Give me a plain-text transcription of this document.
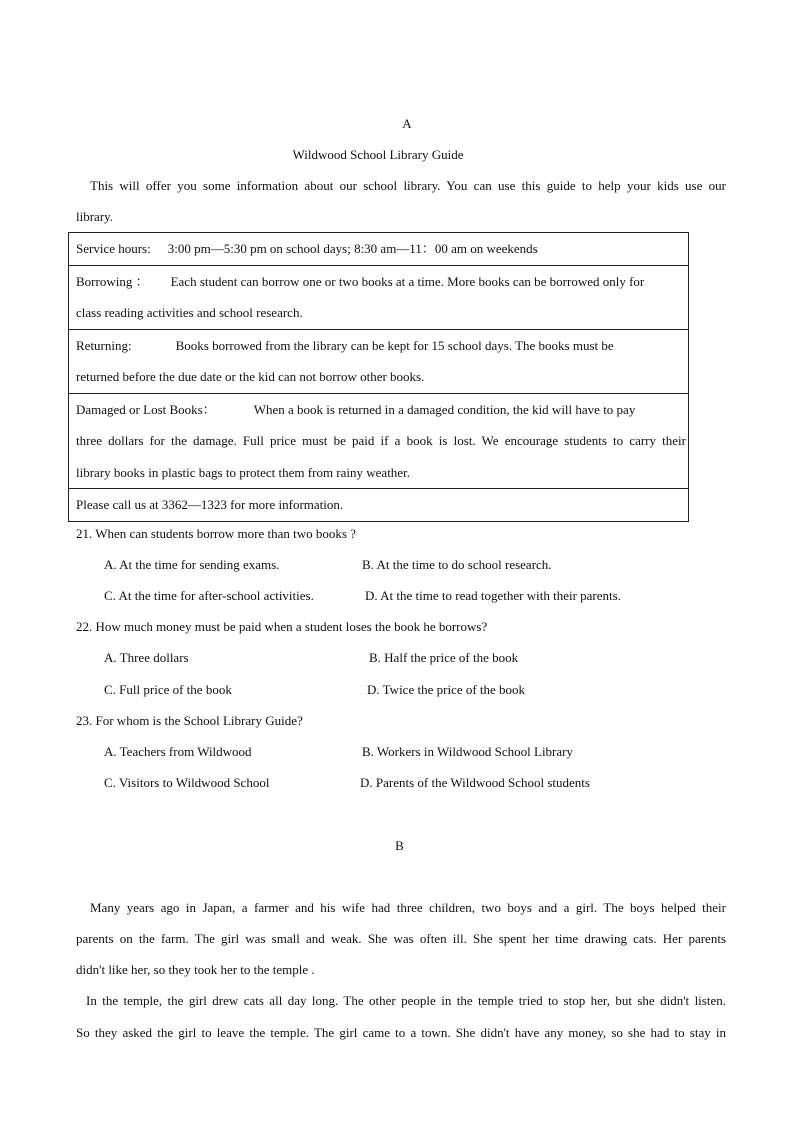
A
Wildwood School Library Guide
This will offer you some information about our school library. You can use this guide to help your kids use our
library.
Service hours: 3:00 pm—5:30 pm on school days; 8:30 am—11：00 am on weekends

Borrowing ： Each student can borrow one or two books at a time. More books can be borrowed only for
class reading activities and school research.

Returning:	Books borrowed from the library can be kept for 15 school days. The books must be
returned before the due date or the kid can not borrow other books.

Damaged or Lost Books：	When a book is returned in a damaged condition, the kid will have to pay
three dollars for the damage. Full price must be paid if a book is lost. We encourage students to carry their
library books in plastic bags to protect them from rainy weather.

Please call us at 3362—1323 for more information.
21. When can students borrow more than two books ?
A. At the time for sending exams.	B. At the time to do school research.
C. At the time for after-school activities.	D. At the time to read together with their parents.
22. How much money must be paid when a student loses the book he borrows?
A. Three dollars	B. Half the price of the book
C. Full price of the book	D. Twice the price of the book
23. For whom is the School Library Guide?
A. Teachers from Wildwood	B. Workers in Wildwood School Library
C. Visitors to Wildwood School	D. Parents of the Wildwood School students
B
Many years ago in Japan, a farmer and his wife had three children, two boys and a girl. The boys helped their
parents on the farm. The girl was small and weak. She was often ill. She spent her time drawing cats. Her parents
didn't like her, so they took her to the temple .
In the temple, the girl drew cats all day long. The other people in the temple tried to stop her, but she didn't listen.
So they asked the girl to leave the temple. The girl came to a town. She didn't have any money, so she had to stay in
